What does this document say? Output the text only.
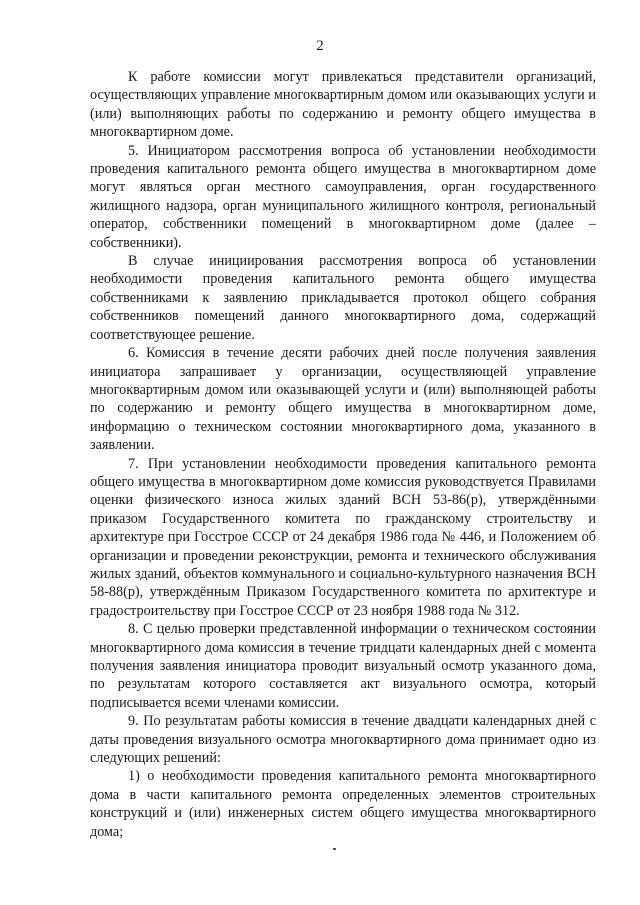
2

К работе комиссии могут привлекаться представители организаций, осуществляющих управление многоквартирным домом или оказывающих услуги и (или) выполняющих работы по содержанию и ремонту общего имущества в многоквартирном доме.

5. Инициатором рассмотрения вопроса об установлении необходимости проведения капитального ремонта общего имущества в многоквартирном доме могут являться орган местного самоуправления, орган государственного жилищного надзора, орган муниципального жилищного контроля, региональный оператор, собственники помещений в многоквартирном доме (далее – собственники).

В случае инициирования рассмотрения вопроса об установлении необходимости проведения капитального ремонта общего имущества собственниками к заявлению прикладывается протокол общего собрания собственников помещений данного многоквартирного дома, содержащий соответствующее решение.

6. Комиссия в течение десяти рабочих дней после получения заявления инициатора запрашивает у организации, осуществляющей управление многоквартирным домом или оказывающей услуги и (или) выполняющей работы по содержанию и ремонту общего имущества в многоквартирном доме, информацию о техническом состоянии многоквартирного дома, указанного в заявлении.

7. При установлении необходимости проведения капитального ремонта общего имущества в многоквартирном доме комиссия руководствуется Правилами оценки физического износа жилых зданий ВСН 53-86(р), утверждёнными приказом Государственного комитета по гражданскому строительству и архитектуре при Госстрое СССР от 24 декабря 1986 года № 446, и Положением об организации и проведении реконструкции, ремонта и технического обслуживания жилых зданий, объектов коммунального и социально-культурного назначения ВСН 58-88(р), утверждённым Приказом Государственного комитета по архитектуре и градостроительству при Госстрое СССР от 23 ноября 1988 года № 312.

8. С целью проверки представленной информации о техническом состоянии многоквартирного дома комиссия в течение тридцати календарных дней с момента получения заявления инициатора проводит визуальный осмотр указанного дома, по результатам которого составляется акт визуального осмотра, который подписывается всеми членами комиссии.

9. По результатам работы комиссия в течение двадцати календарных дней с даты проведения визуального осмотра многоквартирного дома принимает одно из следующих решений:

1) о необходимости проведения капитального ремонта многоквартирного дома в части капитального ремонта определенных элементов строительных конструкций и (или) инженерных систем общего имущества многоквартирного дома;
